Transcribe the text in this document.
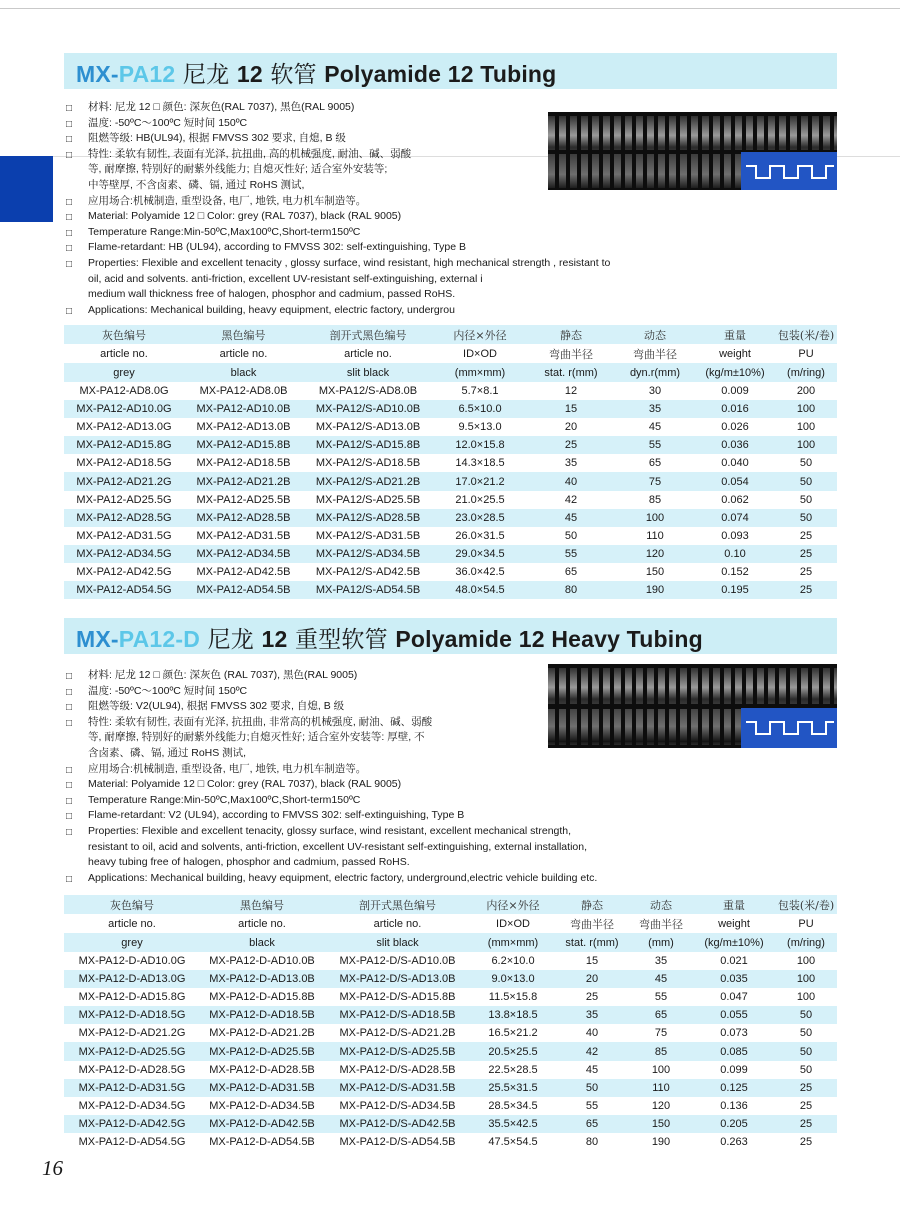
MX-PA12 尼龙 12 软管 Polyamide 12 Tubing
□ 材料: 尼龙 12 □ 颜色: 深灰色(RAL 7037), 黑色(RAL 9005)
□ 温度: -50ºC～100ºC 短时间 150ºC
□ 阻燃等级: HB(UL94), 根据 FMVSS 302 要求, 自熄, B 级
□ 特性: 柔软有韧性, 表面有光泽, 抗扭曲, 高的机械强度, 耐油、碱、弱酸
等, 耐摩擦, 特别好的耐紫外线能力; 自熄灭性好; 适合室外安装等;
中等壁厚, 不含卤素、磷、镉, 通过 RoHS 测试,
□ 应用场合:机械制造, 重型设备, 电厂, 地铁, 电力机车制造等。
□ Material: Polyamide 12 □ Color: grey (RAL 7037), black (RAL 9005)
□ Temperature Range:Min-50ºC,Max100ºC,Short-term150ºC
□ Flame-retardant: HB (UL94), according to FMVSS 302: self-extinguishing, Type B
□ Properties: Flexible and excellent tenacity , glossy surface, wind resistant, high mechanical strength , resistant to
oil, acid and solvents. anti-friction, excellent UV-resistant self-extinguishing, external i
medium wall thickness free of halogen, phosphor and cadmium, passed RoHS.
□ Applications: Mechanical building, heavy equipment, electric factory, undergrou
灰色编号	黑色编号	剖开式黑色编号	内径×外径	静态	动态	重量	包装(米/卷)
article no.	article no.	article no.	ID×OD	弯曲半径	弯曲半径	weight	PU
grey	black	slit black	(mm×mm)	stat. r(mm)	dyn.r(mm)	(kg/m±10%)	(m/ring)
MX-PA12-AD8.0G	MX-PA12-AD8.0B	MX-PA12/S-AD8.0B	5.7×8.1	12	30	0.009	200
MX-PA12-AD10.0G	MX-PA12-AD10.0B	MX-PA12/S-AD10.0B	6.5×10.0	15	35	0.016	100
MX-PA12-AD13.0G	MX-PA12-AD13.0B	MX-PA12/S-AD13.0B	9.5×13.0	20	45	0.026	100
MX-PA12-AD15.8G	MX-PA12-AD15.8B	MX-PA12/S-AD15.8B	12.0×15.8	25	55	0.036	100
MX-PA12-AD18.5G	MX-PA12-AD18.5B	MX-PA12/S-AD18.5B	14.3×18.5	35	65	0.040	50
MX-PA12-AD21.2G	MX-PA12-AD21.2B	MX-PA12/S-AD21.2B	17.0×21.2	40	75	0.054	50
MX-PA12-AD25.5G	MX-PA12-AD25.5B	MX-PA12/S-AD25.5B	21.0×25.5	42	85	0.062	50
MX-PA12-AD28.5G	MX-PA12-AD28.5B	MX-PA12/S-AD28.5B	23.0×28.5	45	100	0.074	50
MX-PA12-AD31.5G	MX-PA12-AD31.5B	MX-PA12/S-AD31.5B	26.0×31.5	50	110	0.093	25
MX-PA12-AD34.5G	MX-PA12-AD34.5B	MX-PA12/S-AD34.5B	29.0×34.5	55	120	0.10	25
MX-PA12-AD42.5G	MX-PA12-AD42.5B	MX-PA12/S-AD42.5B	36.0×42.5	65	150	0.152	25
MX-PA12-AD54.5G	MX-PA12-AD54.5B	MX-PA12/S-AD54.5B	48.0×54.5	80	190	0.195	25
MX-PA12-D 尼龙 12 重型软管 Polyamide 12 Heavy Tubing
□ 材料: 尼龙 12 □ 颜色: 深灰色 (RAL 7037), 黑色(RAL 9005)
□ 温度: -50ºC～100ºC 短时间 150ºC
□ 阻燃等级: V2(UL94), 根据 FMVSS 302 要求, 自熄, B 级
□ 特性: 柔软有韧性, 表面有光泽, 抗扭曲, 非常高的机械强度, 耐油、碱、弱酸
等, 耐摩擦, 特别好的耐紫外线能力;自熄灭性好; 适合室外安装等: 厚壁, 不
含卤素、磷、镉, 通过 RoHS 测试,
□ 应用场合:机械制造, 重型设备, 电厂, 地铁, 电力机车制造等。
□ Material: Polyamide 12 □ Color: grey (RAL 7037), black (RAL 9005)
□ Temperature Range:Min-50ºC,Max100ºC,Short-term150ºC
□ Flame-retardant: V2 (UL94), according to FMVSS 302: self-extinguishing, Type B
□ Properties: Flexible and excellent tenacity, glossy surface, wind resistant, excellent mechanical strength,
resistant to oil, acid and solvents, anti-friction, excellent UV-resistant self-extinguishing, external installation,
heavy tubing free of halogen, phosphor and cadmium, passed RoHS.
□ Applications: Mechanical building, heavy equipment, electric factory, underground,electric vehicle building etc.
灰色编号	黑色编号	剖开式黑色编号	内径×外径	静态	动态	重量	包装(米/卷)
article no.	article no.	article no.	ID×OD	弯曲半径	弯曲半径	weight	PU
grey	black	slit black	(mm×mm)	stat. r(mm)	(mm)	(kg/m±10%)	(m/ring)
MX-PA12-D-AD10.0G	MX-PA12-D-AD10.0B	MX-PA12-D/S-AD10.0B	6.2×10.0	15	35	0.021	100
MX-PA12-D-AD13.0G	MX-PA12-D-AD13.0B	MX-PA12-D/S-AD13.0B	9.0×13.0	20	45	0.035	100
MX-PA12-D-AD15.8G	MX-PA12-D-AD15.8B	MX-PA12-D/S-AD15.8B	11.5×15.8	25	55	0.047	100
MX-PA12-D-AD18.5G	MX-PA12-D-AD18.5B	MX-PA12-D/S-AD18.5B	13.8×18.5	35	65	0.055	50
MX-PA12-D-AD21.2G	MX-PA12-D-AD21.2B	MX-PA12-D/S-AD21.2B	16.5×21.2	40	75	0.073	50
MX-PA12-D-AD25.5G	MX-PA12-D-AD25.5B	MX-PA12-D/S-AD25.5B	20.5×25.5	42	85	0.085	50
MX-PA12-D-AD28.5G	MX-PA12-D-AD28.5B	MX-PA12-D/S-AD28.5B	22.5×28.5	45	100	0.099	50
MX-PA12-D-AD31.5G	MX-PA12-D-AD31.5B	MX-PA12-D/S-AD31.5B	25.5×31.5	50	110	0.125	25
MX-PA12-D-AD34.5G	MX-PA12-D-AD34.5B	MX-PA12-D/S-AD34.5B	28.5×34.5	55	120	0.136	25
MX-PA12-D-AD42.5G	MX-PA12-D-AD42.5B	MX-PA12-D/S-AD42.5B	35.5×42.5	65	150	0.205	25
MX-PA12-D-AD54.5G	MX-PA12-D-AD54.5B	MX-PA12-D/S-AD54.5B	47.5×54.5	80	190	0.263	25
16
